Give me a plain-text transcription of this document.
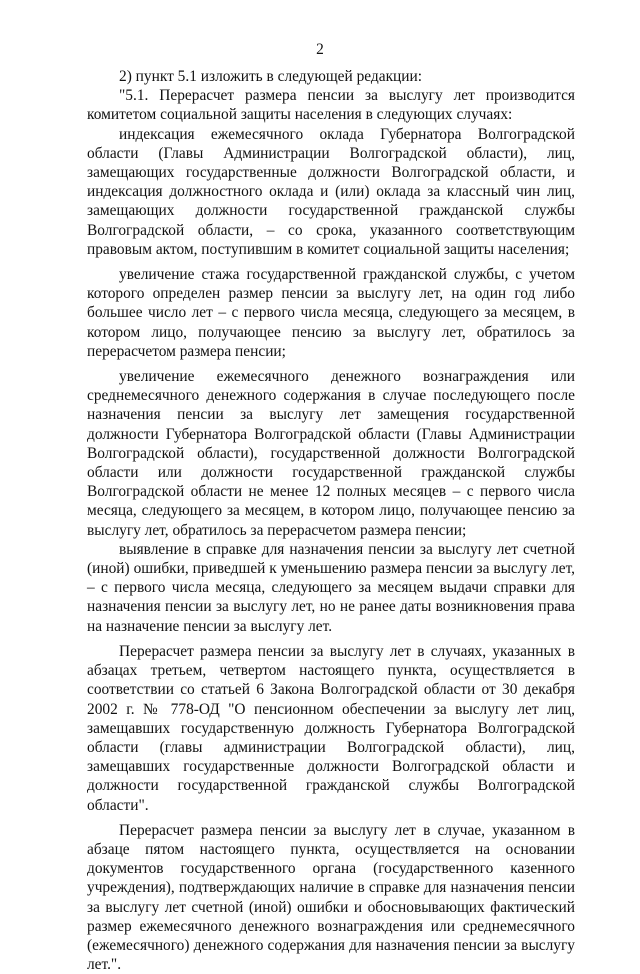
2

2) пункт 5.1 изложить в следующей редакции:

"5.1. Перерасчет размера пенсии за выслугу лет производится комитетом социальной защиты населения в следующих случаях:

индексация ежемесячного оклада Губернатора Волгоградской области (Главы Администрации Волгоградской области), лиц, замещающих государственные должности Волгоградской области, и индексация должностного оклада и (или) оклада за классный чин лиц, замещающих должности государственной гражданской службы Волгоградской области, – со срока, указанного соответствующим правовым актом, поступившим в комитет социальной защиты населения;

увеличение стажа государственной гражданской службы, с учетом которого определен размер пенсии за выслугу лет, на один год либо большее число лет – с первого числа месяца, следующего за месяцем, в котором лицо, получающее пенсию за выслугу лет, обратилось за перерасчетом размера пенсии;

увеличение ежемесячного денежного вознаграждения или среднемесячного денежного содержания в случае последующего после назначения пенсии за выслугу лет замещения государственной должности Губернатора Волгоградской области (Главы Администрации Волгоградской области), государственной должности Волгоградской области или должности государственной гражданской службы Волгоградской области не менее 12 полных месяцев – с первого числа месяца, следующего за месяцем, в котором лицо, получающее пенсию за выслугу лет, обратилось за перерасчетом размера пенсии;

выявление в справке для назначения пенсии за выслугу лет счетной (иной) ошибки, приведшей к уменьшению размера пенсии за выслугу лет, – с первого числа месяца, следующего за месяцем выдачи справки для назначения пенсии за выслугу лет, но не ранее даты возникновения права на назначение пенсии за выслугу лет.

Перерасчет размера пенсии за выслугу лет в случаях, указанных в абзацах третьем, четвертом настоящего пункта, осуществляется в соответствии со статьей 6 Закона Волгоградской области от 30 декабря 2002 г. № 778-ОД "О пенсионном обеспечении за выслугу лет лиц, замещавших государственную должность Губернатора Волгоградской области (главы администрации Волгоградской области), лиц, замещавших государственные должности Волгоградской области и должности государственной гражданской службы Волгоградской области".

Перерасчет размера пенсии за выслугу лет в случае, указанном в абзаце пятом настоящего пункта, осуществляется на основании документов государственного органа (государственного казенного учреждения), подтверждающих наличие в справке для назначения пенсии за выслугу лет счетной (иной) ошибки и обосновывающих фактический размер ежемесячного денежного вознаграждения или среднемесячного (ежемесячного) денежного содержания для назначения пенсии за выслугу лет.".
